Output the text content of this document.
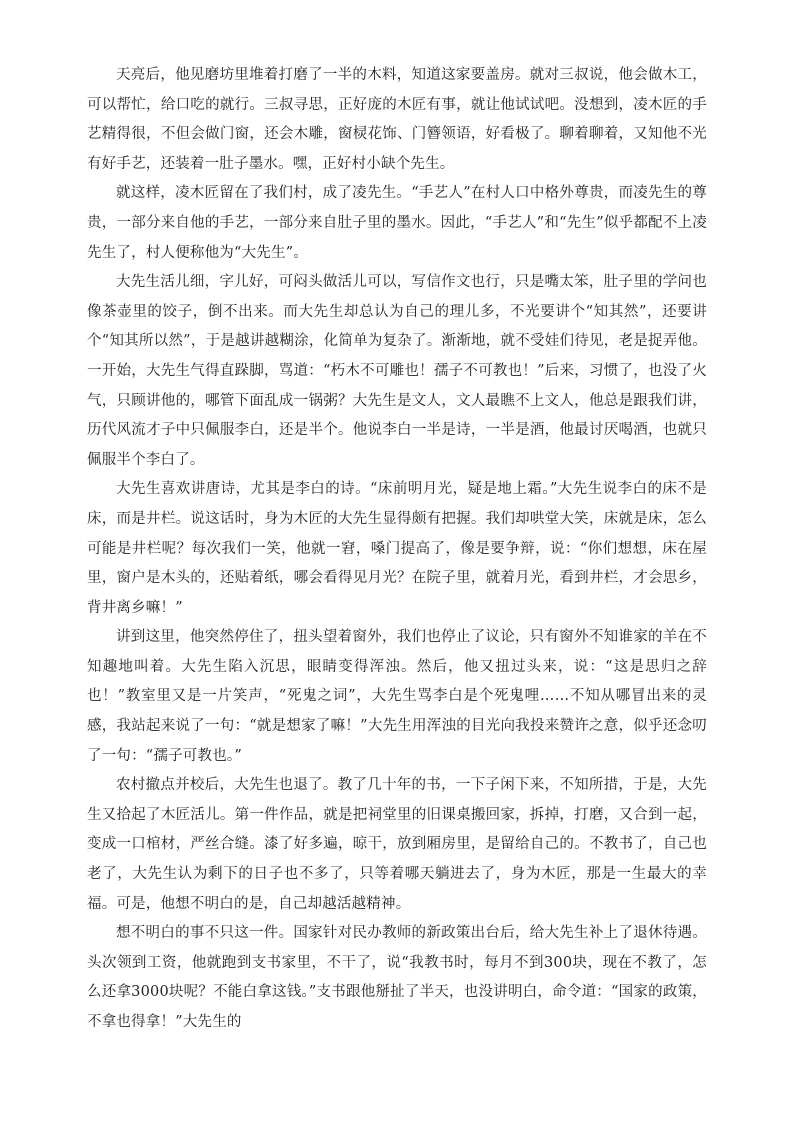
天亮后，他见磨坊里堆着打磨了一半的木料，知道这家要盖房。就对三叔说，他会做木工，可以帮忙，给口吃的就行。三叔寻思，正好庞的木匠有事，就让他试试吧。没想到，凌木匠的手艺精得很，不但会做门窗，还会木雕，窗棂花饰、门簪领语，好看极了。聊着聊着，又知他不光有好手艺，还装着一肚子墨水。嘿，正好村小缺个先生。

就这样，凌木匠留在了我们村，成了凌先生。“手艺人”在村人口中格外尊贵，而凌先生的尊贵，一部分来自他的手艺，一部分来自肚子里的墨水。因此，“手艺人”和“先生”似乎都配不上凌先生了，村人便称他为“大先生”。

大先生活儿细，字儿好，可闷头做活儿可以，写信作文也行，只是嘴太笨，肚子里的学问也像茶壶里的饺子，倒不出来。而大先生却总认为自己的理儿多，不光要讲个“知其然”，还要讲个“知其所以然”，于是越讲越糊涂，化简单为复杂了。渐渐地，就不受娃们待见，老是捉弄他。一开始，大先生气得直跺脚，骂道：“朽木不可雕也！孺子不可教也！”后来，习惯了，也没了火气，只顾讲他的，哪管下面乱成一锅粥？大先生是文人，文人最瞧不上文人，他总是跟我们讲，历代风流才子中只佩服李白，还是半个。他说李白一半是诗，一半是酒，他最讨厌喝酒，也就只佩服半个李白了。

大先生喜欢讲唐诗，尤其是李白的诗。“床前明月光，疑是地上霜。”大先生说李白的床不是床，而是井栏。说这话时，身为木匠的大先生显得颇有把握。我们却哄堂大笑，床就是床，怎么可能是井栏呢？每次我们一笑，他就一窘，嗓门提高了，像是要争辩，说：“你们想想，床在屋里，窗户是木头的，还贴着纸，哪会看得见月光？在院子里，就着月光，看到井栏，才会思乡，背井离乡嘛！”

讲到这里，他突然停住了，扭头望着窗外，我们也停止了议论，只有窗外不知谁家的羊在不知趣地叫着。大先生陷入沉思，眼睛变得浑浊。然后，他又扭过头来，说：“这是思归之辞也！”教室里又是一片笑声，“死鬼之词”，大先生骂李白是个死鬼哩……不知从哪冒出来的灵感，我站起来说了一句：“就是想家了嘛！”大先生用浑浊的目光向我投来赞许之意，似乎还念叨了一句：“孺子可教也。”

农村撤点并校后，大先生也退了。教了几十年的书，一下子闲下来，不知所措，于是，大先生又拾起了木匠活儿。第一件作品，就是把祠堂里的旧课桌搬回家，拆掉，打磨，又合到一起，变成一口棺材，严丝合缝。漆了好多遍，晾干，放到厢房里，是留给自己的。不教书了，自己也老了，大先生认为剩下的日子也不多了，只等着哪天躺进去了，身为木匠，那是一生最大的幸福。可是，他想不明白的是，自己却越活越精神。

想不明白的事不只这一件。国家针对民办教师的新政策出台后，给大先生补上了退休待遇。头次领到工资，他就跑到支书家里，不干了，说“我教书时，每月不到300块，现在不教了，怎么还拿3000块呢？不能白拿这钱。”支书跟他掰扯了半天，也没讲明白，命令道：“国家的政策，不拿也得拿！”大先生的
